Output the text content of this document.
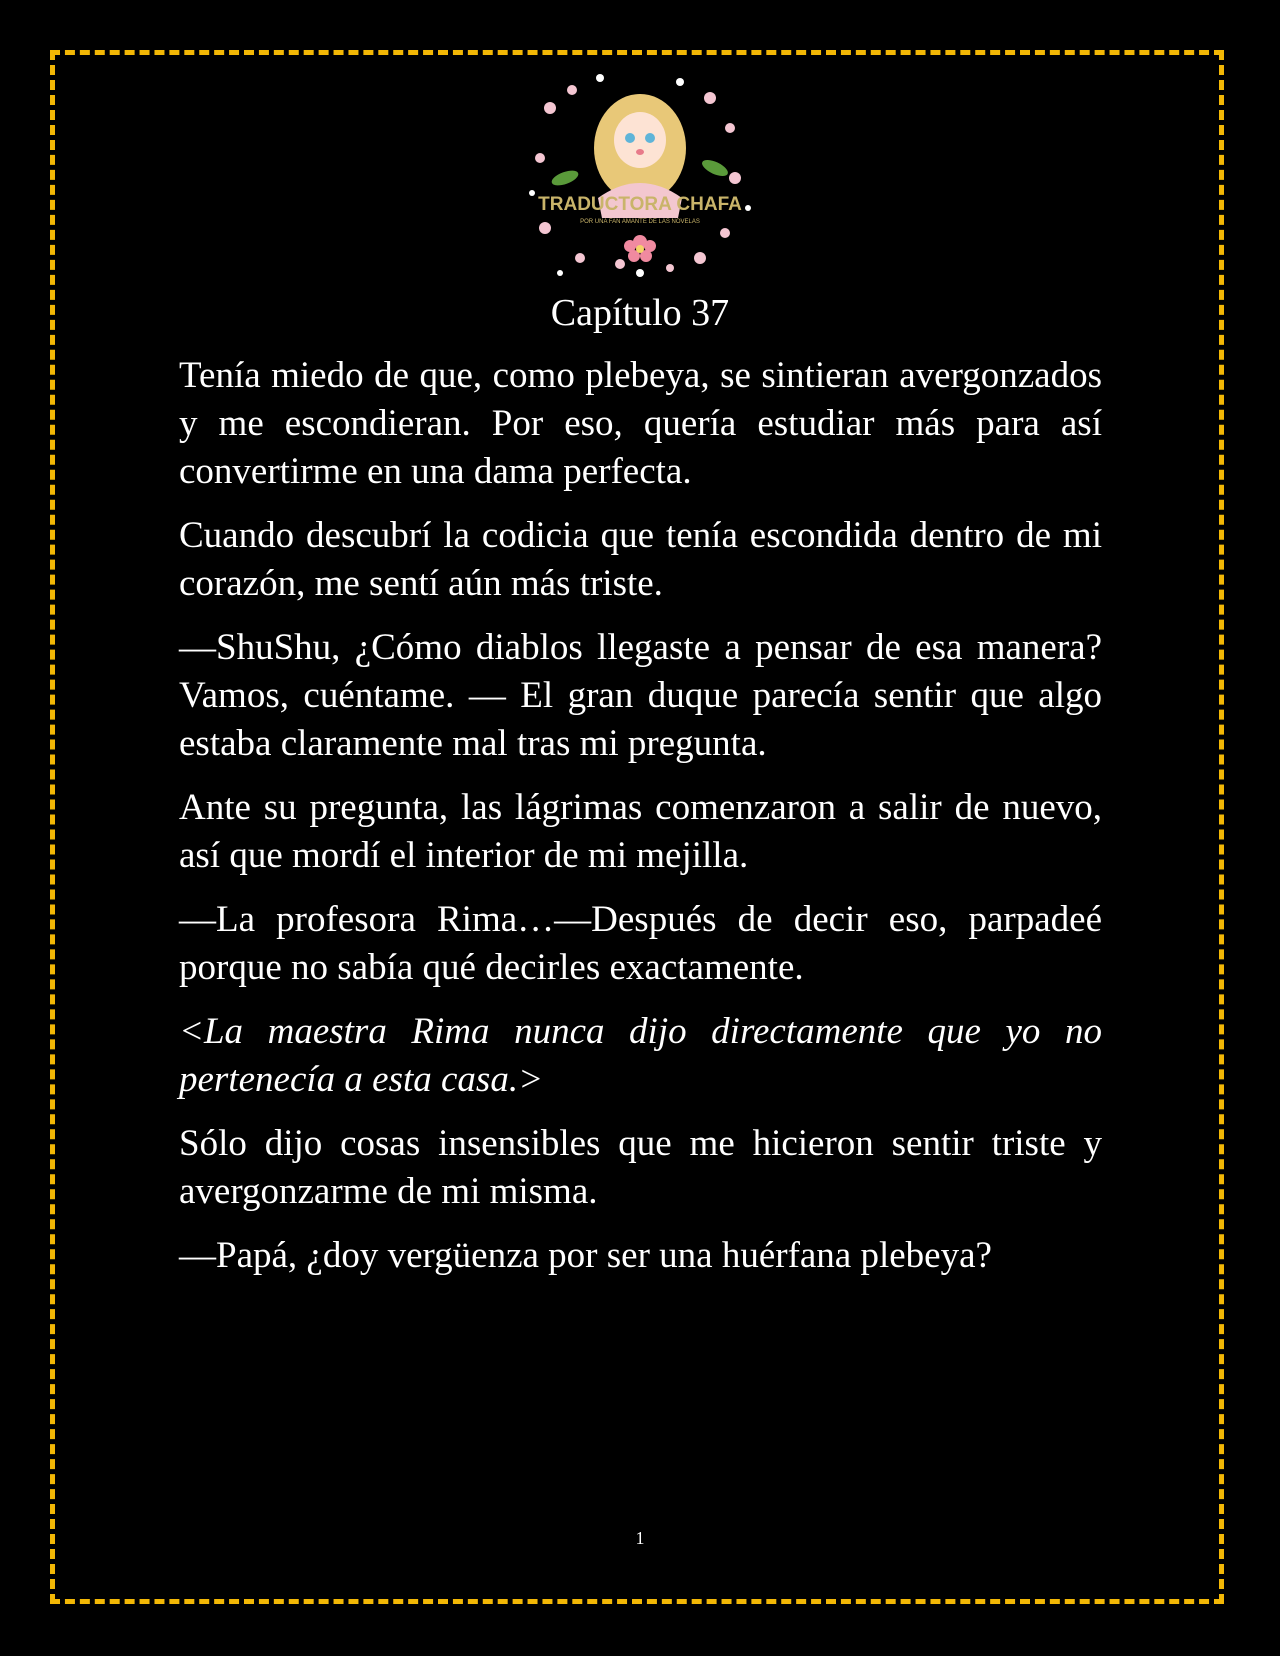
TRADUCTORA CHAFA
POR UNA FAN AMANTE DE LAS NOVELAS
Capítulo 37

Tenía miedo de que, como plebeya, se sintieran avergonzados y me escondieran. Por eso, quería estudiar más para así convertirme en una dama perfecta.

Cuando descubrí la codicia que tenía escondida dentro de mi corazón, me sentí aún más triste.

—ShuShu, ¿Cómo diablos llegaste a pensar de esa manera? Vamos, cuéntame. — El gran duque parecía sentir que algo estaba claramente mal tras mi pregunta.

Ante su pregunta, las lágrimas comenzaron a salir de nuevo, así que mordí el interior de mi mejilla.

—La profesora Rima…—Después de decir eso, parpadeé porque no sabía qué decirles exactamente.

<La maestra Rima nunca dijo directamente que yo no pertenecía a esta casa.>

Sólo dijo cosas insensibles que me hicieron sentir triste y avergonzarme de mi misma.

—Papá, ¿doy vergüenza por ser una huérfana plebeya?

1
